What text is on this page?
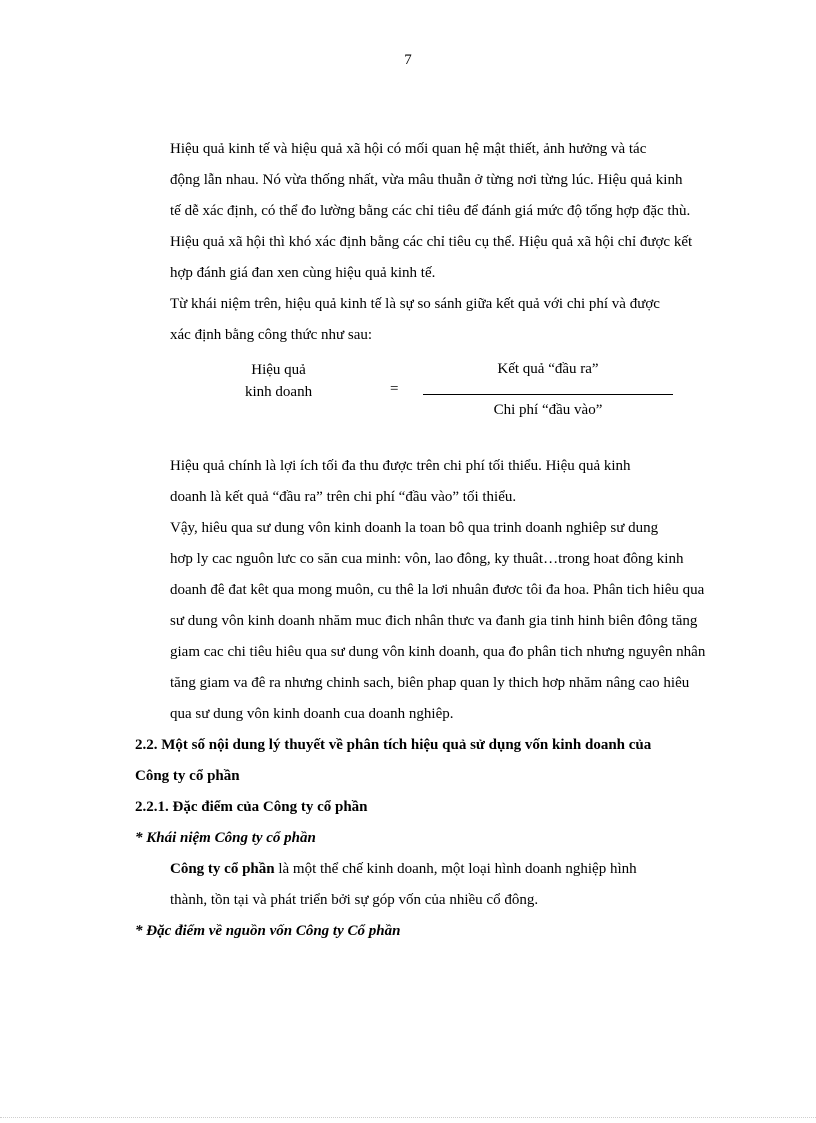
7

Hiệu quả kinh tế và hiệu quả xã hội có mối quan hệ mật thiết, ảnh hưởng và tác
động lẫn nhau. Nó vừa thống nhất, vừa mâu thuẫn ở từng nơi từng lúc. Hiệu quả kinh
tế dễ xác định, có thể đo lường bằng các chỉ tiêu để đánh giá mức độ tổng hợp đặc thù.
Hiệu quả xã hội thì khó xác định bằng các chỉ tiêu cụ thể. Hiệu quả xã hội chỉ được kết
hợp đánh giá đan xen cùng hiệu quả kinh tế.

Từ khái niệm trên, hiệu quả kinh tế là sự so sánh giữa kết quả với chi phí và được
xác định bằng công thức như sau:

Hiệu quả
kinh doanh	=
Kết quả “đầu ra”
Chi phí “đầu vào”

Hiệu quả chính là lợi ích tối đa thu được trên chi phí tối thiểu. Hiệu quả kinh
doanh là kết quả “đầu ra” trên chi phí “đầu vào” tối thiểu.

Vậy, hiêu qua sư dung vôn kinh doanh la toan bô qua trinh doanh nghiêp sư dung
hơp ly cac nguôn lưc co săn cua minh: vôn, lao đông, ky thuât…trong hoat đông kinh
doanh đê đat kêt qua mong muôn, cu thê la lơi nhuân đươc tôi đa hoa. Phân tich hiêu qua
sư dung vôn kinh doanh nhăm muc đich nhân thưc va đanh gia tinh hinh biên đông tăng
giam cac chi tiêu hiêu qua sư dung vôn kinh doanh, qua đo phân tich nhưng nguyên nhân
tăng giam va đê ra nhưng chinh sach, biên phap quan ly thich hơp nhăm nâng cao hiêu
qua sư dung vôn kinh doanh cua doanh nghiêp.

2.2. Một số nội dung lý thuyết về phân tích hiệu quả sử dụng vốn kinh doanh của
Công ty cổ phần

2.2.1. Đặc điểm của Công ty cổ phần

* Khái niệm Công ty cổ phần

Công ty cổ phần là một thể chế kinh doanh, một loại hình doanh nghiệp hình
thành, tồn tại và phát triển bởi sự góp vốn của nhiều cổ đông.

* Đặc điểm về nguồn vốn Công ty Cổ phần
